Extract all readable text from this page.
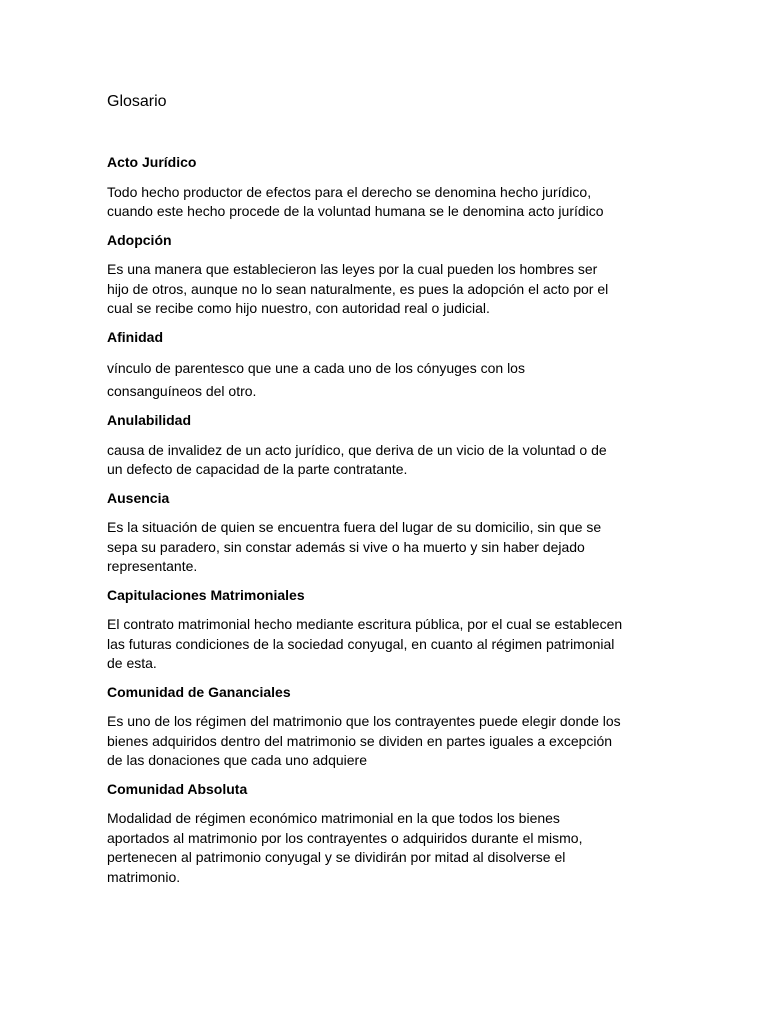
Glosario

Acto Jurídico

Todo hecho productor de efectos para el derecho se denomina hecho jurídico,
cuando este hecho procede de la voluntad humana se le denomina acto jurídico

Adopción

Es una manera que establecieron las leyes por la cual pueden los hombres ser
hijo de otros, aunque no lo sean naturalmente, es pues la adopción el acto por el
cual se recibe como hijo nuestro, con autoridad real o judicial.

Afinidad

vínculo de parentesco que une a cada uno de los cónyuges con los
consanguíneos del otro.

Anulabilidad

causa de invalidez de un acto jurídico, que deriva de un vicio de la voluntad o de
un defecto de capacidad de la parte contratante.

Ausencia

Es la situación de quien se encuentra fuera del lugar de su domicilio, sin que se
sepa su paradero, sin constar además si vive o ha muerto y sin haber dejado
representante.

Capitulaciones Matrimoniales

El contrato matrimonial hecho mediante escritura pública, por el cual se establecen
las futuras condiciones de la sociedad conyugal, en cuanto al régimen patrimonial
de esta.

Comunidad de Gananciales

Es uno de los régimen del matrimonio que los contrayentes puede elegir donde los
bienes adquiridos dentro del matrimonio se dividen en partes iguales a excepción
de las donaciones que cada uno adquiere

Comunidad Absoluta

Modalidad de régimen económico matrimonial en la que todos los bienes
aportados al matrimonio por los contrayentes o adquiridos durante el mismo,
pertenecen al patrimonio conyugal y se dividirán por mitad al disolverse el
matrimonio.
